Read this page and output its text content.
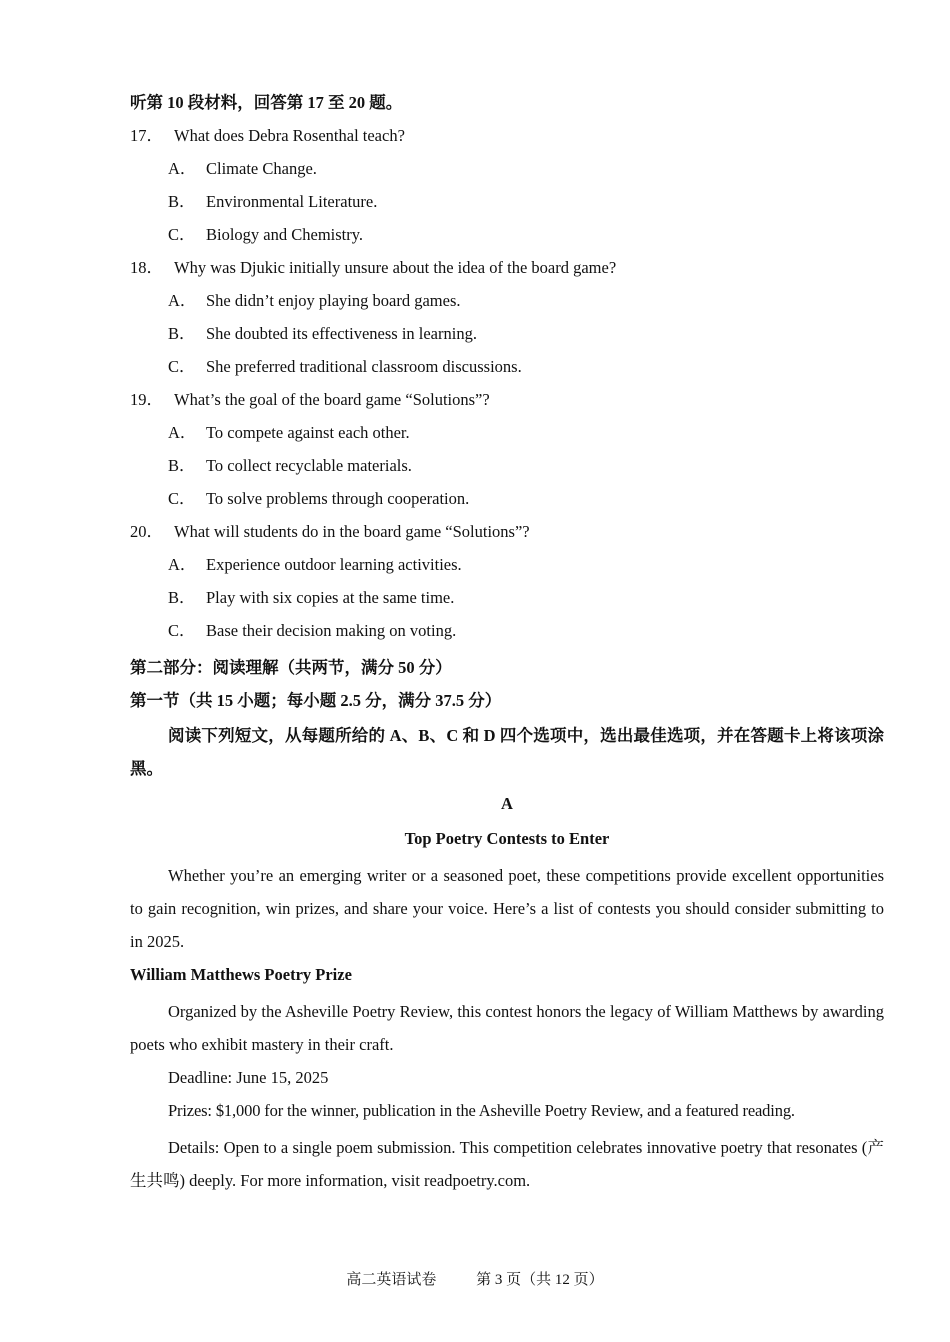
听第 10 段材料，回答第 17 至 20 题。

17． What does Debra Rosenthal teach?

A． Climate Change.

B． Environmental Literature.

C． Biology and Chemistry.

18． Why was Djukic initially unsure about the idea of the board game?

A． She didn’t enjoy playing board games.

B． She doubted its effectiveness in learning.

C． She preferred traditional classroom discussions.

19． What’s the goal of the board game “Solutions”?

A． To compete against each other.

B． To collect recyclable materials.

C． To solve problems through cooperation.

20． What will students do in the board game “Solutions”?

A． Experience outdoor learning activities.

B． Play with six copies at the same time.

C． Base their decision making on voting.

第二部分：阅读理解（共两节，满分 50 分）

第一节（共 15 小题；每小题 2.5 分，满分 37.5 分）

阅读下列短文，从每题所给的 A、B、C 和 D 四个选项中，选出最佳选项，并在答题卡上将该项涂黑。

A

Top Poetry Contests to Enter

Whether you’re an emerging writer or a seasoned poet, these competitions provide excellent opportunities to gain recognition, win prizes, and share your voice. Here’s a list of contests you should consider submitting to in 2025.

William Matthews Poetry Prize

Organized by the Asheville Poetry Review, this contest honors the legacy of William Matthews by awarding poets who exhibit mastery in their craft.

Deadline: June 15, 2025

Prizes: $1,000 for the winner, publication in the Asheville Poetry Review, and a featured reading.

Details: Open to a single poem submission. This competition celebrates innovative poetry that resonates (产生共鸣) deeply. For more information, visit readpoetry.com.

高二英语试卷	第 3 页（共 12 页）
